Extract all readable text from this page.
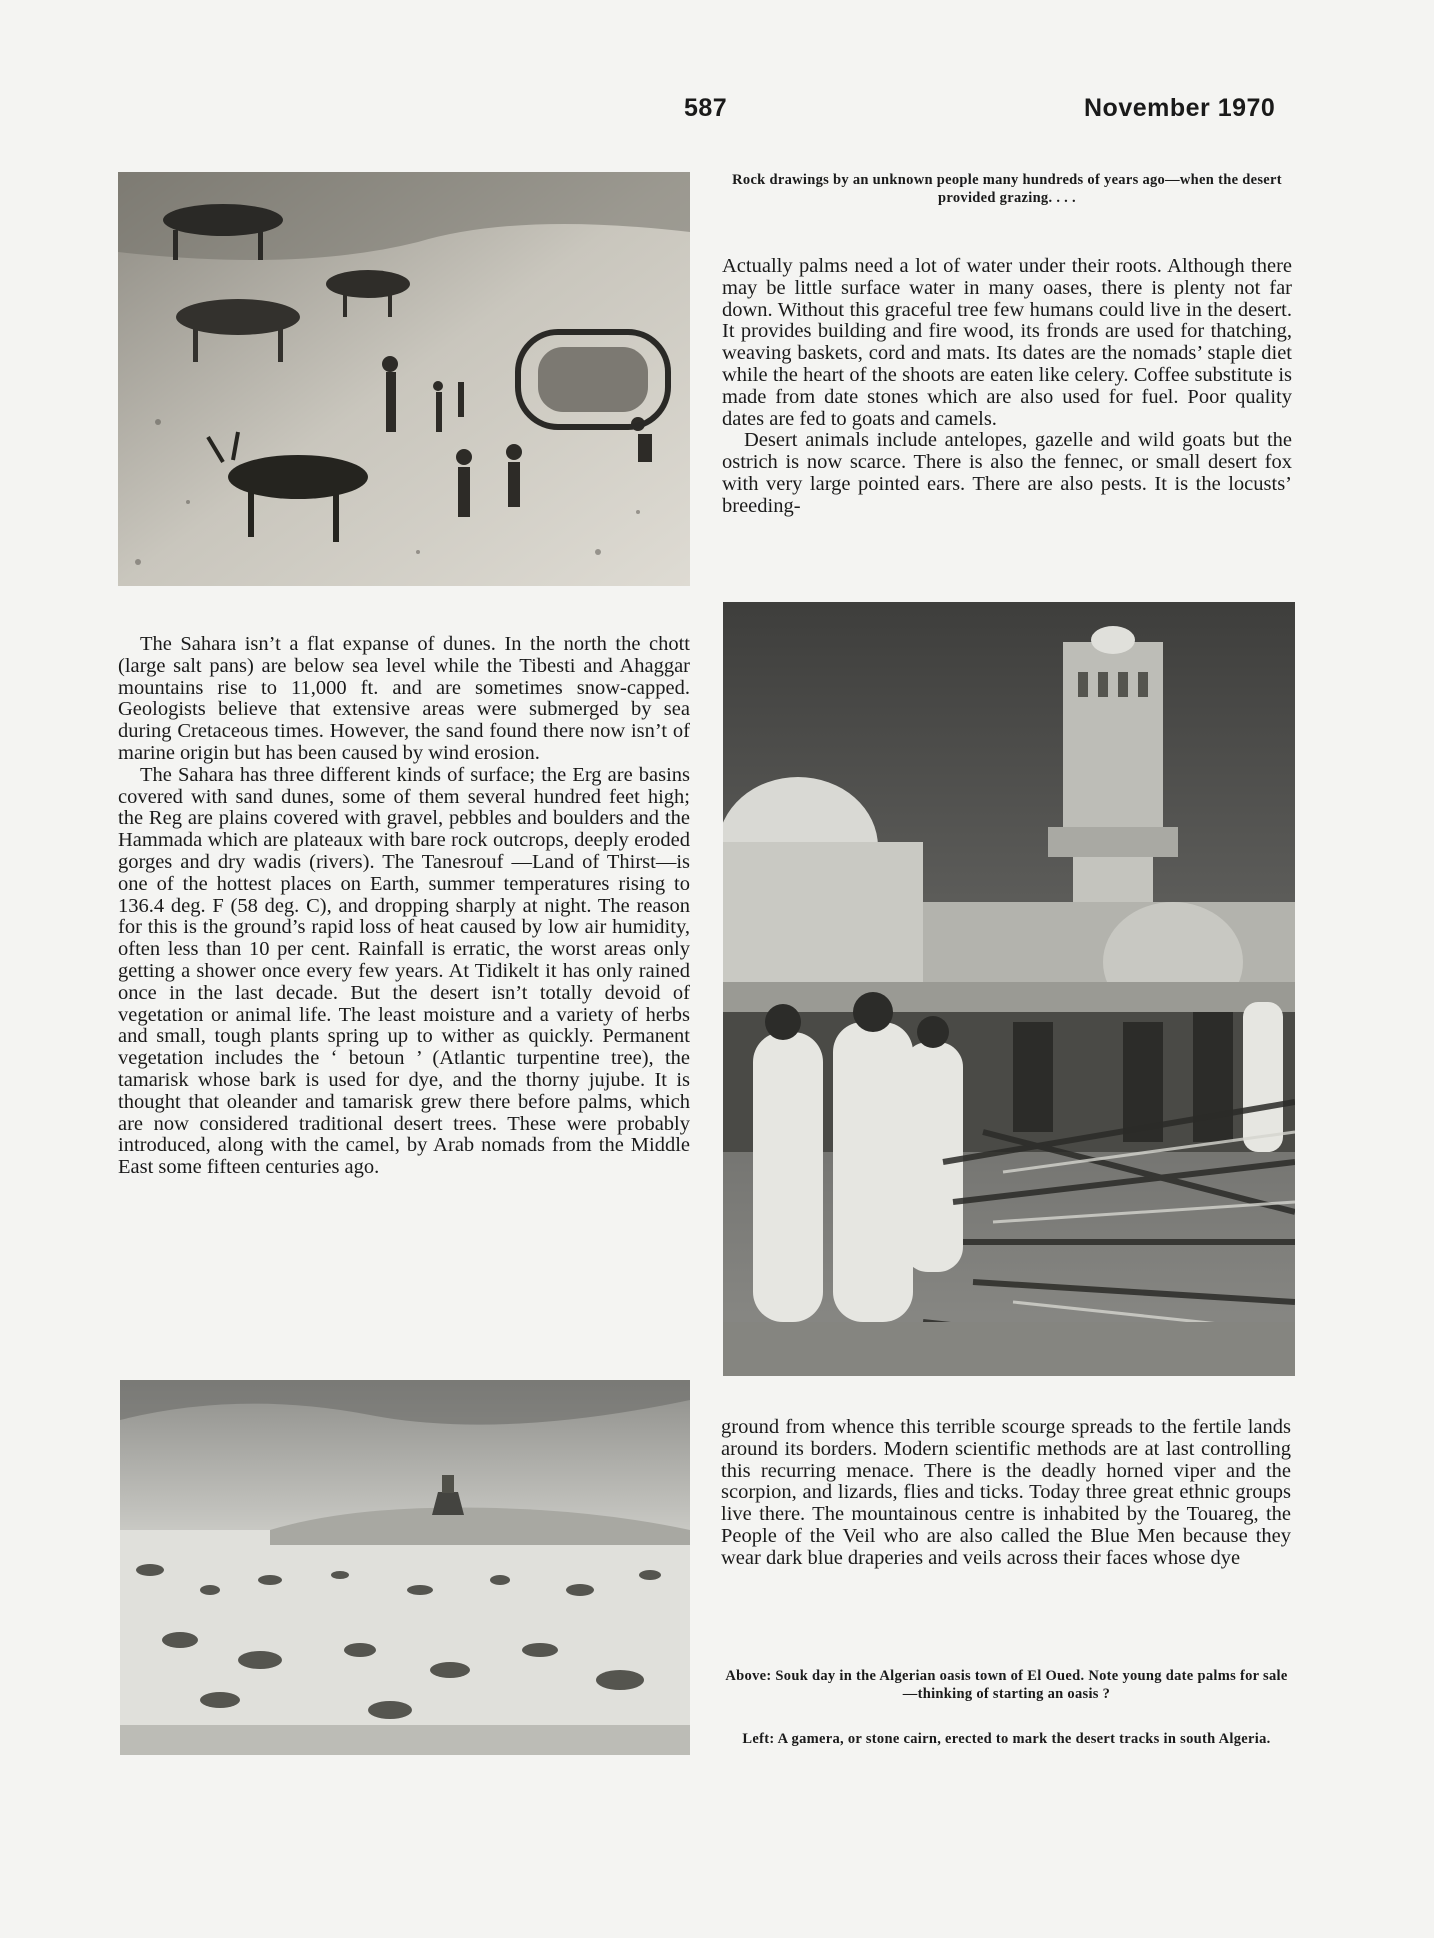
587	November 1970
Rock drawings by an unknown people many hundreds of years ago—when the desert provided grazing. . . .

Actually palms need a lot of water under their roots. Although there may be little surface water in many oases, there is plenty not far down. Without this graceful tree few humans could live in the desert. It provides building and fire wood, its fronds are used for thatching, weaving baskets, cord and mats. Its dates are the nomads’ staple diet while the heart of the shoots are eaten like celery. Coffee substitute is made from date stones which are also used for fuel. Poor quality dates are fed to goats and camels.

Desert animals include antelopes, gazelle and wild goats but the ostrich is now scarce. There is also the fennec, or small desert fox with very large pointed ears. There are also pests. It is the locusts’ breeding-

The Sahara isn’t a flat expanse of dunes. In the north the chott (large salt pans) are below sea level while the Tibesti and Ahaggar mountains rise to 11,000 ft. and are sometimes snow-capped. Geologists believe that extensive areas were submerged by sea during Cretaceous times. However, the sand found there now isn’t of marine origin but has been caused by wind erosion.

The Sahara has three different kinds of surface; the Erg are basins covered with sand dunes, some of them several hundred feet high; the Reg are plains covered with gravel, pebbles and boulders and the Hammada which are plateaux with bare rock outcrops, deeply eroded gorges and dry wadis (rivers). The Tanesrouf —Land of Thirst—is one of the hottest places on Earth, summer temperatures rising to 136.4 deg. F (58 deg. C), and dropping sharply at night. The reason for this is the ground’s rapid loss of heat caused by low air humidity, often less than 10 per cent. Rainfall is erratic, the worst areas only getting a shower once every few years. At Tidikelt it has only rained once in the last decade. But the desert isn’t totally devoid of vegetation or animal life. The least moisture and a variety of herbs and small, tough plants spring up to wither as quickly. Permanent vegetation includes the ‘ betoun ’ (Atlantic turpentine tree), the tamarisk whose bark is used for dye, and the thorny jujube. It is thought that oleander and tamarisk grew there before palms, which are now considered traditional desert trees. These were probably introduced, along with the camel, by Arab nomads from the Middle East some fifteen centuries ago.

ground from whence this terrible scourge spreads to the fertile lands around its borders. Modern scientific methods are at last controlling this recurring menace. There is the deadly horned viper and the scorpion, and lizards, flies and ticks. Today three great ethnic groups live there. The mountainous centre is inhabited by the Touareg, the People of the Veil who are also called the Blue Men because they wear dark blue draperies and veils across their faces whose dye

Above: Souk day in the Algerian oasis town of El Oued. Note young date palms for sale—thinking of starting an oasis ?
Left: A gamera, or stone cairn, erected to mark the desert tracks in south Algeria.
